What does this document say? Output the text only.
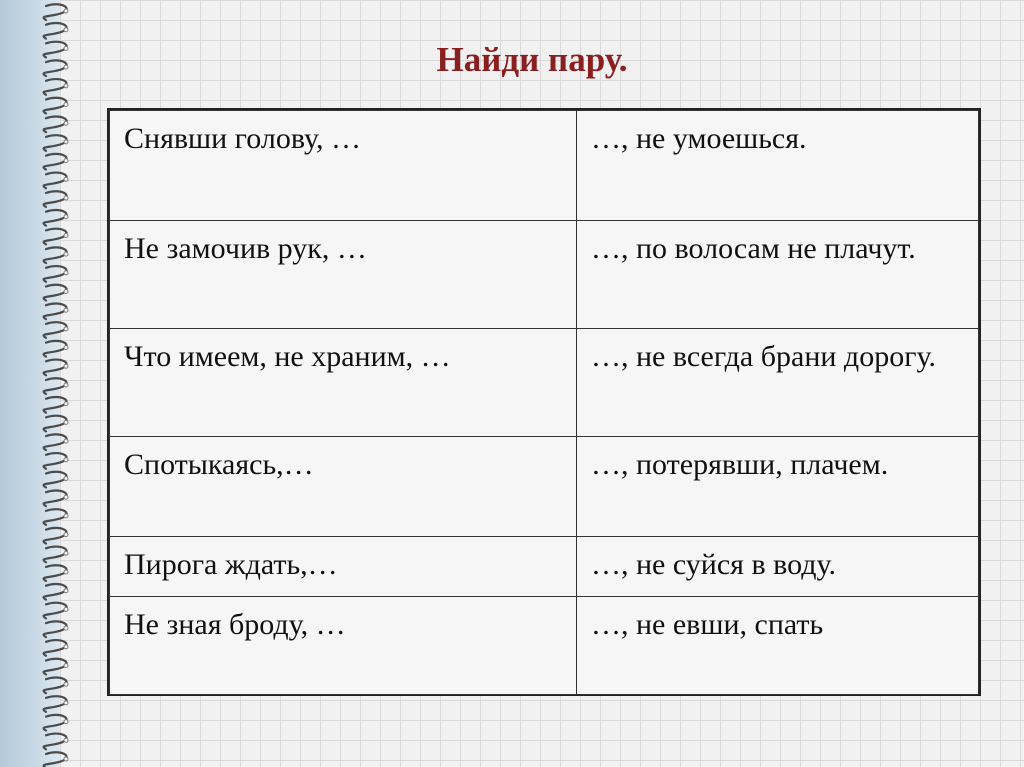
Найди пару.
Снявши голову, …	…, не умоешься.
Не замочив рук, …	…, по волосам не плачут.
Что имеем, не храним, …	…, не всегда брани дорогу.
Спотыкаясь,…	…, потерявши, плачем.
Пирога ждать,…	…, не суйся в воду.
Не зная броду, …	…, не евши, спать
